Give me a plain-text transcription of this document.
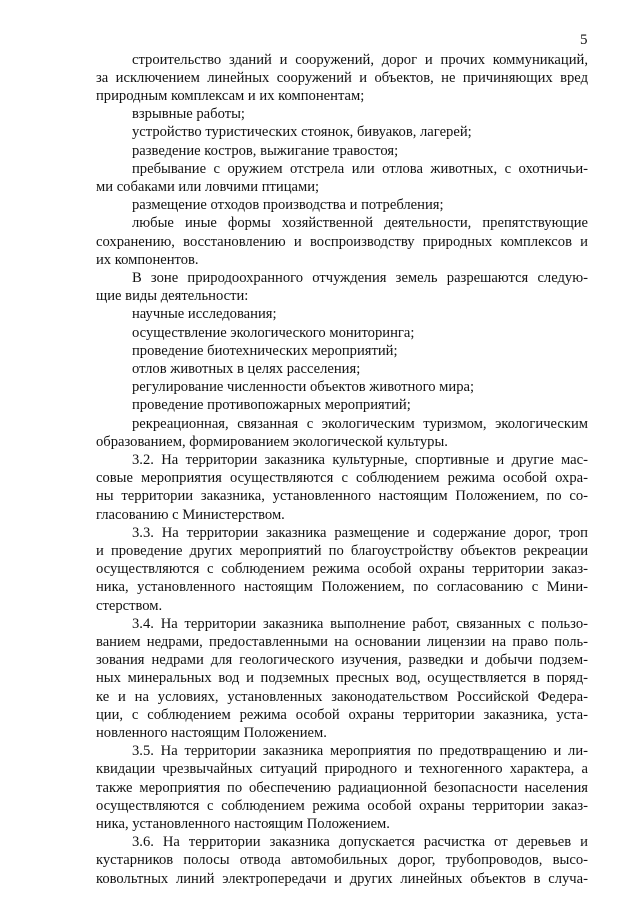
5
строительство зданий и сооружений, дорог и прочих коммуникаций,
за исключением линейных сооружений и объектов, не причиняющих вред
природным комплексам и их компонентам;
взрывные работы;
устройство туристических стоянок, бивуаков, лагерей;
разведение костров, выжигание травостоя;
пребывание с оружием отстрела или отлова животных, с охотничьи-
ми собаками или ловчими птицами;
размещение отходов производства и потребления;
любые иные формы хозяйственной деятельности, препятствующие
сохранению, восстановлению и воспроизводству природных комплексов и
их компонентов.
В зоне природоохранного отчуждения земель разрешаются следую-
щие виды деятельности:
научные исследования;
осуществление экологического мониторинга;
проведение биотехнических мероприятий;
отлов животных в целях расселения;
регулирование численности объектов животного мира;
проведение противопожарных мероприятий;
рекреационная, связанная с экологическим туризмом, экологическим
образованием, формированием экологической культуры.
3.2. На территории заказника культурные, спортивные и другие мас-
совые мероприятия осуществляются с соблюдением режима особой охра-
ны территории заказника, установленного настоящим Положением, по со-
гласованию с Министерством.
3.3. На территории заказника размещение и содержание дорог, троп
и проведение других мероприятий по благоустройству объектов рекреации
осуществляются с соблюдением режима особой охраны территории заказ-
ника, установленного настоящим Положением, по согласованию с Мини-
стерством.
3.4. На территории заказника выполнение работ, связанных с пользо-
ванием недрами, предоставленными на основании лицензии на право поль-
зования недрами для геологического изучения, разведки и добычи подзем-
ных минеральных вод и подземных пресных вод, осуществляется в поряд-
ке и на условиях, установленных законодательством Российской Федера-
ции, с соблюдением режима особой охраны территории заказника, уста-
новленного настоящим Положением.
3.5. На территории заказника мероприятия по предотвращению и ли-
квидации чрезвычайных ситуаций природного и техногенного характера, а
также мероприятия по обеспечению радиационной безопасности населения
осуществляются с соблюдением режима особой охраны территории заказ-
ника, установленного настоящим Положением.
3.6. На территории заказника допускается расчистка от деревьев и
кустарников полосы отвода автомобильных дорог, трубопроводов, высо-
ковольтных линий электропередачи и других линейных объектов в случа-
